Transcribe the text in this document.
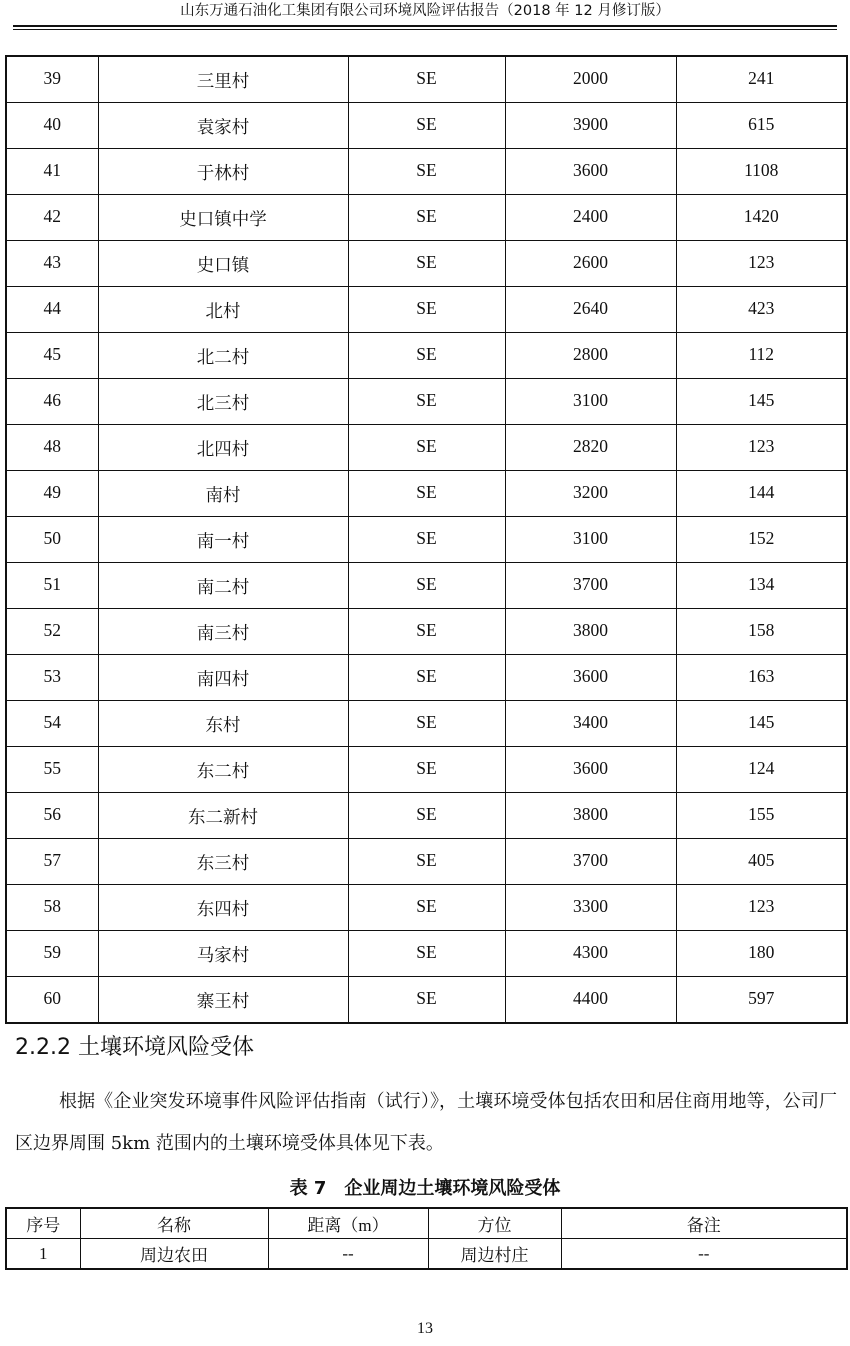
山东万通石油化工集团有限公司环境风险评估报告（2018 年 12 月修订版）
39	三里村	SE	2000	241
40	袁家村	SE	3900	615
41	于林村	SE	3600	1108
42	史口镇中学	SE	2400	1420
43	史口镇	SE	2600	123
44	北村	SE	2640	423
45	北二村	SE	2800	112
46	北三村	SE	3100	145
48	北四村	SE	2820	123
49	南村	SE	3200	144
50	南一村	SE	3100	152
51	南二村	SE	3700	134
52	南三村	SE	3800	158
53	南四村	SE	3600	163
54	东村	SE	3400	145
55	东二村	SE	3600	124
56	东二新村	SE	3800	155
57	东三村	SE	3700	405
58	东四村	SE	3300	123
59	马家村	SE	4300	180
60	寨王村	SE	4400	597
2.2.2 土壤环境风险受体
根据《企业突发环境事件风险评估指南（试行）》，土壤环境受体包括农田和居住商用地等，公司厂区边界周围 5km 范围内的土壤环境受体具体见下表。
表 7　企业周边土壤环境风险受体
序号	名称	距离（m）	方位	备注
1	周边农田	--	周边村庄	--
13
